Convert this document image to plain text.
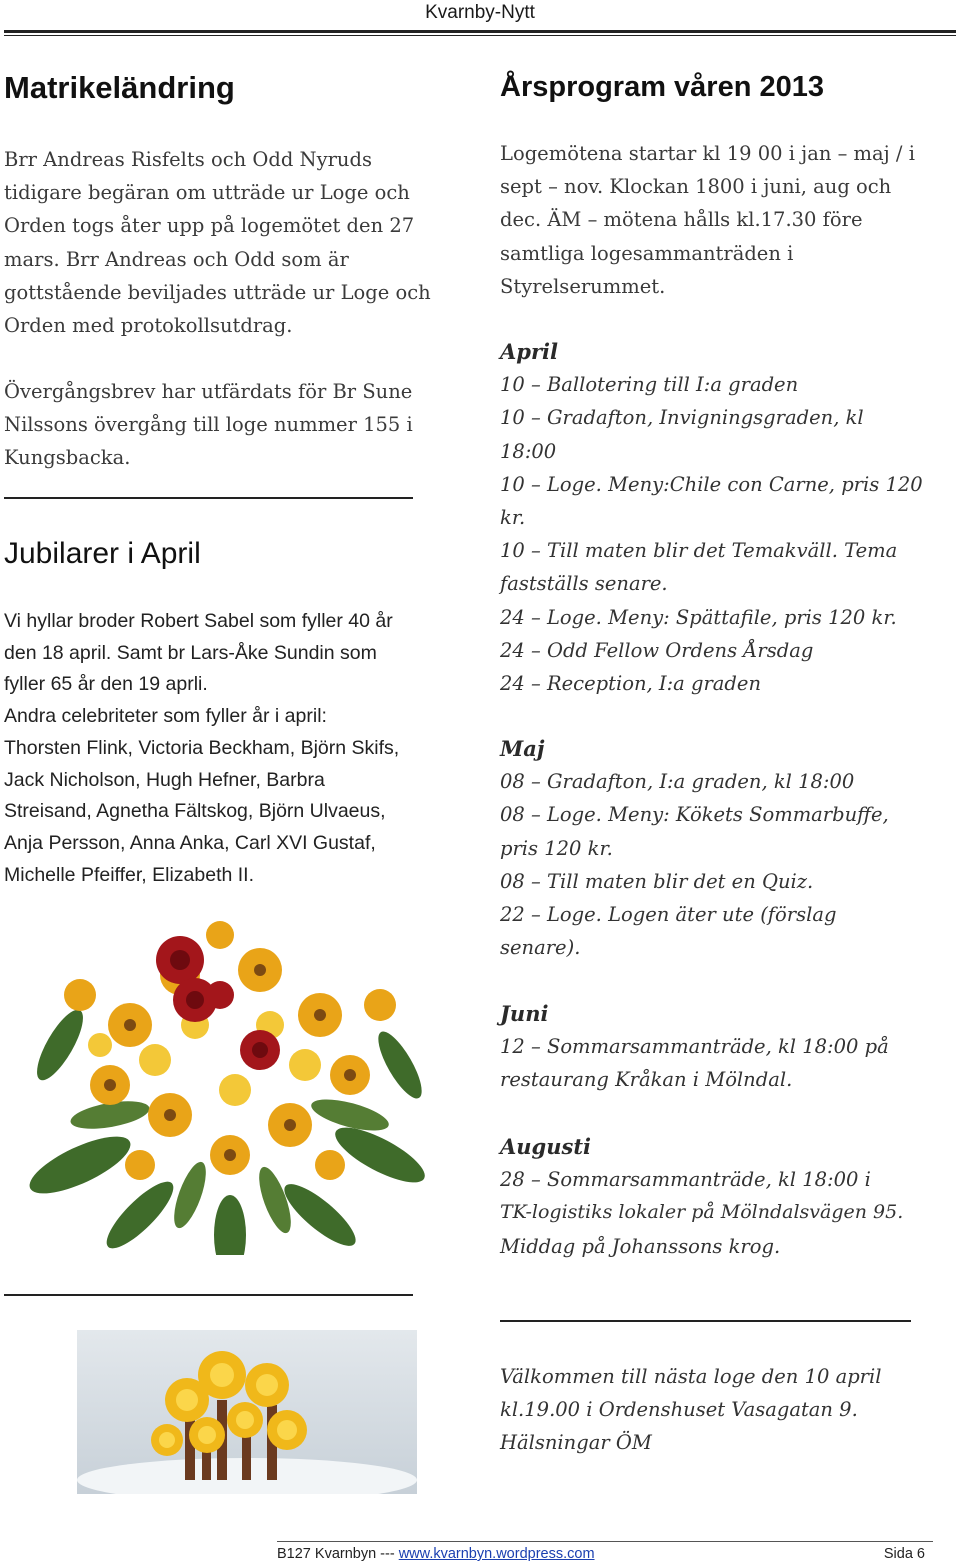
Kvarnby-Nytt
Matrikeländring

Brr Andreas Risfelts och Odd Nyruds

tidigare begäran om utträde ur Loge och

Orden togs åter upp på logemötet den 27

mars. Brr Andreas och Odd som är

gottstående beviljades utträde ur Loge och

Orden med protokollsutdrag.

Övergångsbrev har utfärdats för Br Sune

Nilssons övergång till loge nummer 155 i

Kungsbacka.

Jubilarer i April

Vi hyllar broder Robert Sabel som fyller 40 år

den 18 april. Samt br Lars-Åke Sundin som

fyller 65 år den 19 aprli.

Andra celebriteter som fyller år i april:

Thorsten Flink, Victoria Beckham, Björn Skifs,

Jack Nicholson, Hugh Hefner, Barbra

Streisand, Agnetha Fältskog, Björn Ulvaeus,

Anja Persson, Anna Anka, Carl XVI Gustaf,

Michelle Pfeiffer, Elizabeth II.

Årsprogram våren 2013

Logemötena startar kl 19 00 i jan – maj / i

sept – nov. Klockan 1800 i juni, aug och

dec. ÄM – mötena hålls kl.17.30 före

samtliga logesammanträden i

Styrelserummet.

April

10 – Ballotering till I:a graden

10 – Gradafton, Invigningsgraden, kl

18:00

10 – Loge. Meny:Chile con Carne, pris 120

kr.

10 – Till maten blir det Temakväll. Tema

fastställs senare.

24 – Loge. Meny: Spättafile, pris 120 kr.

24 – Odd Fellow Ordens Årsdag

24 – Reception, I:a graden

Maj

08 – Gradafton, I:a graden, kl 18:00

08 – Loge. Meny: Kökets Sommarbuffe,

pris 120 kr.

08 – Till maten blir det en Quiz.

22 – Loge. Logen äter ute (förslag

senare).

Juni

12 – Sommarsammanträde, kl 18:00 på

restaurang Kråkan i Mölndal.

Augusti

28 – Sommarsammanträde, kl 18:00 i

TK-logistiks lokaler på Mölndalsvägen 95.

Middag på Johanssons krog.

Välkommen till nästa loge den 10 april

kl.19.00 i Ordenshuset Vasagatan 9.

Hälsningar ÖM

B127 Kvarnbyn --- www.kvarnbyn.wordpress.com	Sida 6
